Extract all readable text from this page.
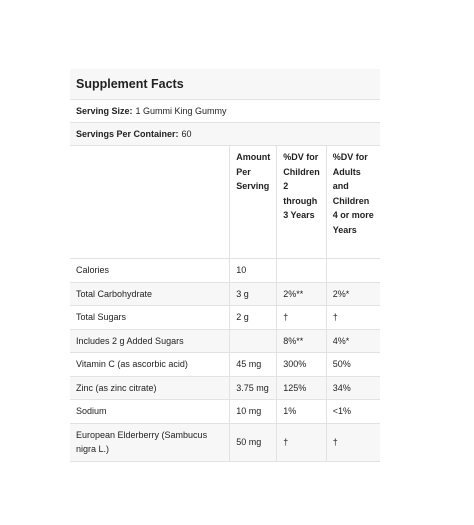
Supplement Facts
Serving Size: 1 Gummi King Gummy
Servings Per Container: 60
	Amount Per Serving	%DV for Children 2 through 3 Years	%DV for Adults and Children 4 or more Years
Calories	10		
Total Carbohydrate	3 g	2%**	2%*
Total Sugars	2 g	†	†
Includes 2 g Added Sugars		8%**	4%*
Vitamin C (as ascorbic acid)	45 mg	300%	50%
Zinc (as zinc citrate)	3.75 mg	125%	34%
Sodium	10 mg	1%	<1%
European Elderberry (Sambucus nigra L.)	50 mg	†	†
